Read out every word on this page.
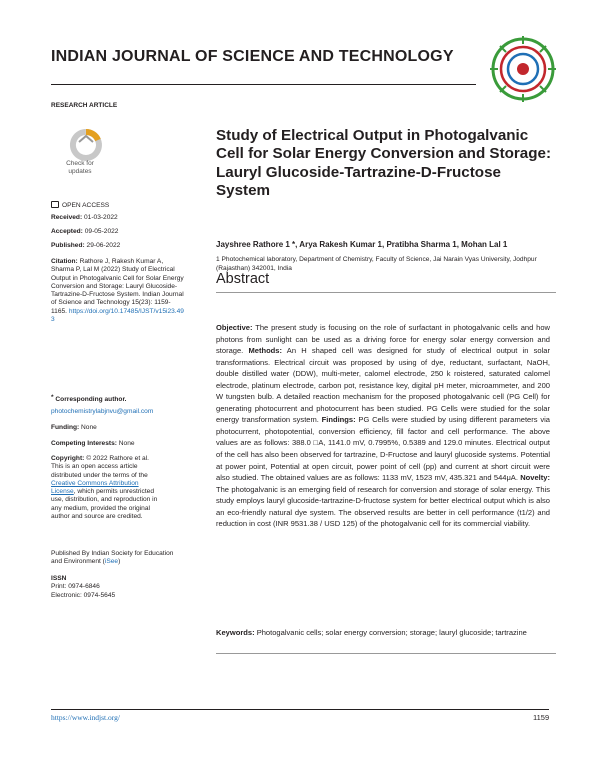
INDIAN JOURNAL OF SCIENCE AND TECHNOLOGY
RESEARCH ARTICLE
Check for updates
OPEN ACCESS
Received: 01-03-2022
Accepted: 09-05-2022
Published: 29-06-2022
Citation: Rathore J, Rakesh Kumar A, Sharma P, Lal M (2022) Study of Electrical Output in Photogalvanic Cell for Solar Energy Conversion and Storage: Lauryl Glucoside-Tartrazine-D-Fructose System. Indian Journal of Science and Technology 15(23): 1159-1165. https://doi.org/10.17485/IJST/v15i23.493
* Corresponding author.
photochemistrylabjnvu@gmail.com
Funding: None
Competing Interests: None
Copyright: © 2022 Rathore et al. This is an open access article distributed under the terms of the Creative Commons Attribution License, which permits unrestricted use, distribution, and reproduction in any medium, provided the original author and source are credited.
Published By Indian Society for Education and Environment (iSee)
ISSN
Print: 0974-6846
Electronic: 0974-5645
Study of Electrical Output in Photogalvanic Cell for Solar Energy Conversion and Storage: Lauryl Glucoside-Tartrazine-D-Fructose System
Jayshree Rathore 1 *, Arya Rakesh Kumar 1, Pratibha Sharma 1, Mohan Lal 1
1 Photochemical laboratory, Department of Chemistry, Faculty of Science, Jai Narain Vyas University, Jodhpur (Rajasthan) 342001, India
Abstract
Objective: The present study is focusing on the role of surfactant in photogalvanic cells and how photons from sunlight can be used as a driving force for energy solar energy conversion and storage. Methods: An H shaped cell was designed for study of electrical output in solar transformations. Electrical circuit was proposed by using of dye, reductant, surfactant, NaOH, double distilled water (DDW), multi-meter, calomel electrode, 250 k roistered, saturated calomel electrode, platinum electrode, carbon pot, resistance key, digital pH meter, microammeter, and 200 W tungsten bulb. A detailed reaction mechanism for the proposed photogalvanic cell (PG Cell) for generating photocurrent and photocurrent has been studied. PG Cells were studied for the solar energy transformation system. Findings: PG Cells were studied by using different parameters via photocurrent, photopotential, conversion efficiency, fill factor and cell performance. The above values are as follows: 388.0 □A, 1141.0 mV, 0.7995%, 0.5389 and 129.0 minutes. Electrical output of the cell has also been observed for tartrazine, D-Fructose and lauryl glucoside systems. Potential at power point, Potential at open circuit, power point of cell (pp) and current at short circuit were also studied. The obtained values are as follows: 1133 mV, 1523 mV, 435.321 and 544μA. Novelty: The photogalvanic is an emerging field of research for conversion and storage of solar energy. This study employs lauryl glucoside-tartrazine-D-fructose system for better electrical output which is also an eco-friendly natural dye system. The observed results are better in cell performance (t1/2) and reduction in cost (INR 9531.38 / USD 125) of the photogalvanic cell for its commercial viability.
Keywords: Photogalvanic cells; solar energy conversion; storage; lauryl glucoside; tartrazine
https://www.indjst.org/	1159
